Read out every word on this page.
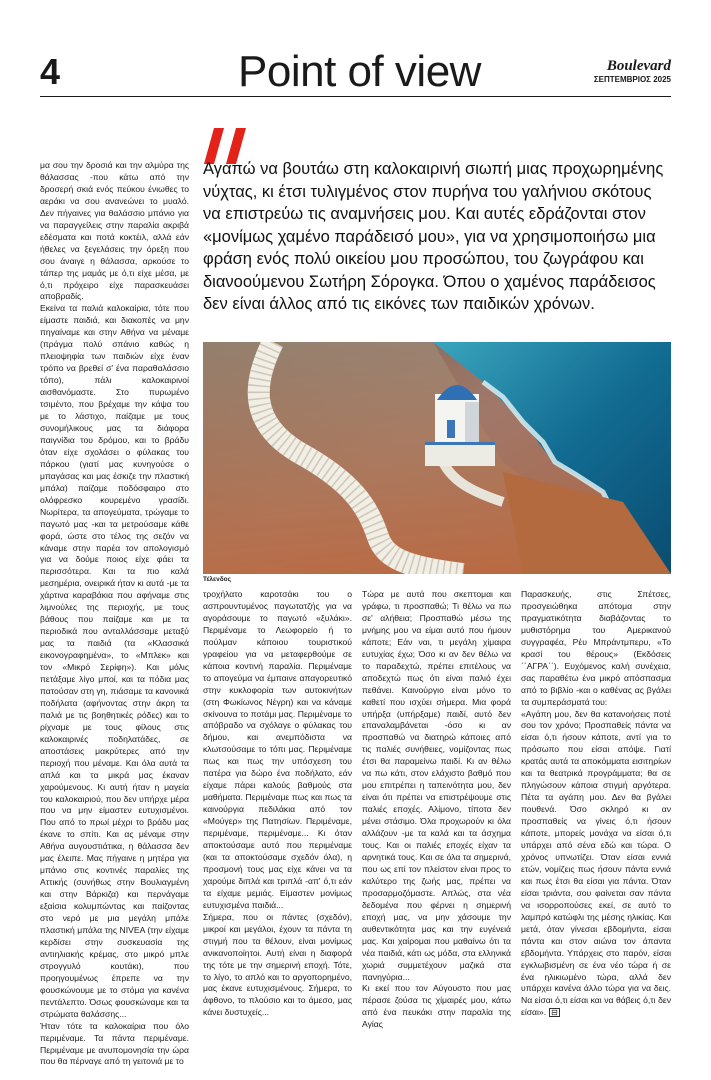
4	Point of view	Boulevard
ΣΕΠΤΕΜΒΡΙΟΣ 2025

Αγαπώ να βουτάω στη καλοκαιρινή σιωπή μιας προχωρημένης νύχτας, κι έτσι τυλιγμένος στον πυρήνα του γαλήνιου σκότους να επιστρεύω τις αναμνήσεις μου. Και αυτές εδράζονται στον «μονίμως χαμένο παράδεισό μου», για να χρησιμοποιήσω μια φράση ενός πολύ οικείου μου προσώπου, του ζωγράφου και διανοούμενου Σωτήρη Σόρογκα. Όπου ο χαμένος παράδεισος δεν είναι άλλος από τις εικόνες των παιδικών χρόνων.

Τέλενδος

μα σου την δροσιά και την αλμύρα της θάλασσας -που κάτω από την δροσερή σκιά ενός πεύκου ένιωθες το αεράκι να σου ανανεώνει το μυαλό. Δεν πήγαινες για θαλάσσιο μπάνιο για να παραγγείλεις στην παραλία ακριβά εδέσματα και ποτά κοκτέιλ, αλλά εάν ήθελες να ξεγελάσεις την όρεξη που σου άναιγε η θάλασσα, αρκούσε το τάπερ της μαμάς με ό,τι είχε μέσα, με ό,τι πρόχειρο είχε παρασκευάσει αποβραδίς.

Εκείνα τα παλιά καλοκαίρια, τότε που είμαστε παιδιά, και διακοπές να μην πηγαίναμε και στην Αθήνα να μέναμε (πράγμα πολύ σπάνιο καθώς η πλειοψηφία των παιδιών είχε έναν τρόπο να βρεθεί σ' ένα παραθαλάσσιο τόπο), πάλι καλοκαιρινοί αισθανόμαστε. Στο πυρωμένο τσιμέντο, που βρέχαμε την κάψα του με το λάστιχο, παίζαμε με τους συνομήλικους μας τα διάφορα παιγνίδια του δρόμου, και το βράδυ όταν είχε σχολάσει ο φύλακας του πάρκου (γιατί μας κυνηγούσε ο μπαγάσας και μας έσκιζε την πλαστική μπάλα) παίζαμε ποδόσφαιρο στο ολόφρεσκο κουρεμένο γρασίδι. Νωρίτερα, τα απογεύματα, τρώγαμε το παγωτό μας -και τα μετρούσαμε κάθε φορά, ώστε στο τέλος της σεζόν να κάναμε στην παρέα τον απολογισμό για να δούμε ποιος είχε φάει τα περισσότερα. Και τα πιο καλά μεσημέρια, ονειρικά ήταν κι αυτά -με τα χάρτινα καραβάκια που αφήναμε στις λιμνούλες της περιοχής, με τους βάθους που παίζαμε και με τα περιοδικά που ανταλλάσσαμε μεταξύ μας τα παιδιά (τα «Κλασσικά εικονογραφημένα», το «Μπλεκ» και τον «Μικρό Σερίφη»). Και μόλις πετάξαμε λίγο μποί, και τα πόδια μας πατούσαν στη γη, πιάσαμε τα κανονικά ποδήλατα (αφήνοντας στην άκρη τα παλιά με τις βοηθητικές ρόδες) και το ρίχναμε με τους φίλους στις καλοκαιρινές ποδηλατάδες, σε αποστάσεις μακρύτερες από την περιοχή που μέναμε. Και όλα αυτά τα απλά και τα μικρά μας έκαναν χαρούμενους. Κι αυτή ήταν η μαγεία του καλοκαιριού, που δεν υπήρχε μέρα που να μην είμαστεν ευτυχισμένοι. Που από το πρωί μέχρι το βράδυ μας έκανε το σπίτι. Και ας μέναμε στην Αθήνα αυγουστιάτικα, η θάλασσα δεν μας έλειπε. Μας πήγαινε η μητέρα για μπάνιο στις κοντινές παραλίες της Αττικής (συνήθως στην Βουλιαγμένη και στην Βάρκιζα) και περνάγαμε εξαίσια κολυμπώντας και παίζοντας στο νερό με μια μεγάλη μπάλε πλαστική μπάλα της NIVEA (την είχαμε κερδίσει στην συσκευασία της αντιηλιακής κρέμας, στο μικρό μπλε στρογγυλό κουτάκι), που προηγουμένως έπρεπε να την φουσκώνουμε με το στόμα για κανένα πεντάλεπτο. Όσως φουσκώναμε και τα στρώματα θαλάσσης...

Ήταν τότε τα καλοκαίρια που όλο περιμέναμε. Τα πάντα περιμέναμε. Περιμέναμε με ανυπομονησία την ώρα που θα πέρναγε από τη γειτονιά με το

τροχήλατο καροτσάκι του ο ασπρουντυμένος παγωτατζής για να αγοράσουμε το παγωτό «ξυλάκι». Περιμέναμε το Λεωφορείο ή το πούλμαν κάποιου τουριστικού γραφείου για να μεταφερθούμε σε κάποια κοντινή παραλία. Περιμέναμε το απογεύμα να έμπαινε απαγορευτικό στην κυκλοφορία των αυτοκινήτων (στη Φωκίωνος Νέγρη) και να κάναμε σκίνουνα το ποτάμι μας. Περιμέναμε το απόβραδο να σχόλαγε ο φύλακας του δήμου, και ανεμπόδιστα να κλωτσούσαμε το τόπι μας. Περιμέναμε πως και πως την υπόσχεση του πατέρα για δώρο ένα ποδήλατο, εάν είχαμε πάρει καλούς βαθμούς στα μαθήματα. Περιμέναμε πως και πως τα καινούργια πεδιλάκια από τον «Μούγερ» της Πατησίων. Περιμέναμε, περιμέναμε, περιμέναμε... Κι όταν αποκτούσαμε αυτό που περιμέναμε (και τα αποκτούσαμε σχεδόν όλα), η προσμονή τους μας είχε κάνει να τα χαρούμε διπλά και τριπλά -απ' ό,τι εάν τα είχαμε μεμιάς. Είμαστεν μονίμως ευτυχισμένα παιδιά...

Σήμερα, που οι πάντες (σχεδόν), μικροί και μεγάλοι, έχουν τα πάντα τη στιγμή που τα θέλουν, είναι μονίμως ανικανοποίητοι. Αυτή είναι η διαφορά της τότε με την σημερινή εποχή. Τότε, το λίγο, το απλό και το αργοπορημένο, μας έκανε ευτυχισμένους. Σήμερα, το άφθονο, το πλούσιο και το άμεσο, μας κάνει δυστυχείς...

Τώρα με αυτά που σκεπτομαι και γράφω, τι προσπαθώ; Τι θέλω να πω σε' αλήθεια; Προσπαθώ μέσω της μνήμης μου να είμαι αυτό που ήμουν κάποτε; Εάν ναι, τι μεγάλη χίμαιρα ευτυχίας έχω; Όσο κι αν δεν θέλω να το παραδεχτώ, πρέπει επιτέλους να αποδεχτώ πως ότι είναι παλιό έχει πεθάνει. Καινούργιο είναι μόνο το καθετί που ισχύει σήμερα. Μια φορά υπήρξα (υπήρξαμε) παιδί, αυτό δεν επαναλαμβάνεται -όσο κι αν προσπαθώ να διατηρώ κάποιες από τις παλιές συνήθειες, νομίζοντας πως έτσι θα παραμείνω παιδί. Κι αν θέλω να πω κάτι, στον ελάχιστο βαθμό που μου επιτρέπει η ταπεινότητα μου, δεν είναι ότι πρέπει να επιστρέψουμε στις παλιές εποχές. Αλίμονο, τίποτα δεν μένει στάσιμο. Όλα προχωρούν κι όλα αλλάζουν -με τα καλά και τα άσχημα τους. Και οι παλιές εποχές είχαν τα αρνητικά τους. Και σε όλα τα σημερινά, που ως επί τον πλείστον είναι προς το καλύτερο της ζωής μας, πρέπει να προσαρμοζόμαστε. Απλώς, στα νέα δεδομένα που φέρνει η σημερινή εποχή μας, να μην χάσουμε την αυθεντικότητα μας και την ευγένειά μας. Και χαίρομαι που μαθαίνω ότι τα νέα παιδιά, κάτι ως μόδα, στα ελληνικά χωριά συμμετέχουν μαζικά στα πανηγύρια...

Κι εκεί που τον Αύγουστο που μας πέρασε ζούσα τις χίμαιρές μου, κάτω από ένα πευκάκι στην παραλία της Αγίας

Παρασκευής, στις Σπέτσες, προσγειώθηκα απότομα στην πραγματικότητα διαβάζοντας το μυθιστόρημα του Αμερικανού συγγραφέα, Ρέυ Μπράντμπερυ, «Το κρασί του θέρους» (Εκδόσεις ΄΄ΑΓΡΑ΄΄). Ευχόμενος καλή συνέχεια, σας παραθέτω ένα μικρό απόσπασμα από το βιβλίο -και ο καθένας ας βγάλει τα συμπεράσματά του:

«Αγάπη μου, δεν θα κατανοήσεις ποτέ σου τον χρόνο; Προσπαθείς πάντα να είσαι ό,τι ήσουν κάποτε, αντί για το πρόσωπο που είσαι απόψε. Γιατί κρατάς αυτά τα αποκόμματα εισιτηρίων και τα θεατρικά προγράμματα; θα σε πληγώσουν κάποια στιγμή αργότερα. Πέτα τα αγάπη μου. Δεν θα βγάλει πουθενά. Όσο σκληρό κι αν προσπαθείς να γίνεις ό,τι ήσουν κάποτε, μπορείς μονάχα να είσαι ό,τι υπάρχει από σένα εδώ και τώρα. Ο χρόνος υπνωτίζει. Όταν είσαι εννιά ετών, νομίζεις πως ήσουν πάντα εννιά και πως έτσι θα είσαι για πάντα. Όταν είσαι τριάντα, σου φαίνεται σαν πάντα να ισορροπούσες εκεί, σε αυτό το λαμπρό κατώφλι της μέσης ηλικίας. Και μετά, όταν γίνεσαι εβδομήντα, είσαι πάντα και στον αιώνα τον άπαντα εβδομήντα. Υπάρχεις στο παρόν, είσαι εγκλωβισμένη σε ένα νέο τώρα ή σε ένα ηλικιωμένο τώρα, αλλά δεν υπάρχει κανένα άλλο τώρα για να δεις. Να είσαι ό,τι είσαι και να θάβεις ό,τι δεν είσαι». ⊟
